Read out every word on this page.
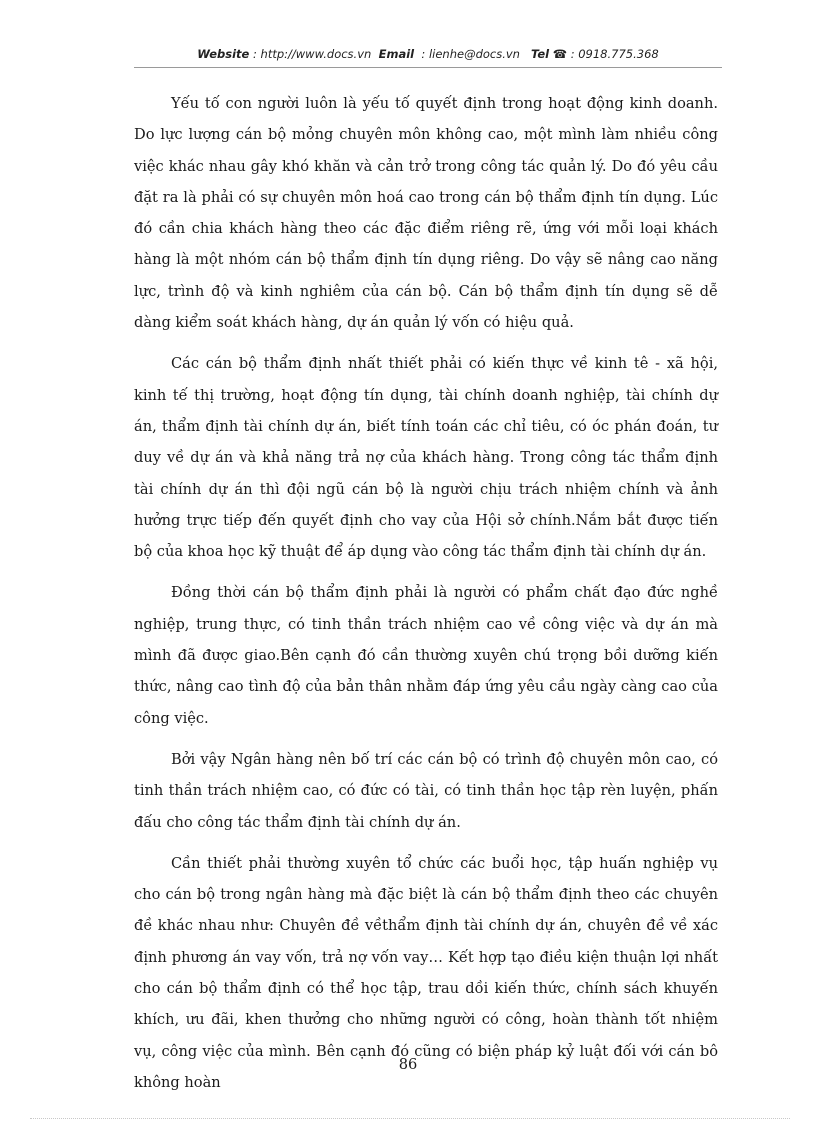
Website : http://www.docs.vn Email  : lienhe@docs.vn Tel ☎ : 0918.775.368

Yếu tố con người luôn là yếu tố quyết định trong hoạt động kinh doanh. Do lực lượng cán bộ mỏng chuyên môn không cao, một mình làm nhiều công việc khác nhau gây khó khăn và cản trở trong công tác quản lý. Do đó yêu cầu đặt ra là phải có sự chuyên môn hoá cao trong cán bộ thẩm định tín dụng. Lúc đó cần chia khách hàng theo các đặc điểm riêng rẽ, ứng với mỗi loại khách hàng là một nhóm cán bộ thẩm định tín dụng riêng. Do vậy sẽ nâng cao năng lực, trình độ và kinh nghiêm của cán bộ. Cán bộ thẩm định tín dụng sẽ dễ dàng kiểm soát khách hàng, dự án quản lý vốn có hiệu quả.

Các cán bộ thẩm định nhất thiết phải có kiến thực về kinh tê - xã hội, kinh tế thị trường, hoạt động tín dụng, tài chính doanh nghiệp, tài chính dự án, thẩm định tài chính dự án, biết tính toán các chỉ tiêu, có óc phán đoán, tư duy về dự án và khả năng trả nợ của khách hàng. Trong công tác thẩm định tài chính dự án thì đội ngũ cán bộ là người chịu trách nhiệm chính và ảnh hưởng trực tiếp đến quyết định cho vay của Hội sở chính.Nắm bắt được tiến bộ của khoa học kỹ thuật để áp dụng vào công tác thẩm định tài chính dự án.

Đồng thời cán bộ thẩm định phải là người có phẩm chất đạo đức nghề nghiệp, trung thực, có tinh thần trách nhiệm cao về công việc và dự án mà mình đã được giao.Bên cạnh đó cần thường xuyên chú trọng bồi dưỡng kiến thức, nâng cao tình độ của bản thân nhằm đáp ứng yêu cầu ngày càng cao của công việc.

Bởi vậy Ngân hàng nên bố trí các cán bộ có trình độ chuyên môn cao, có tinh thần trách nhiệm cao, có đức có tài, có tinh thần học tập rèn luyện, phấn đấu cho công tác thẩm định tài chính dự án.

Cần thiết phải thường xuyên tổ chức các buổi học, tập huấn nghiệp vụ cho cán bộ trong ngân hàng mà đặc biệt là cán bộ thẩm định theo các chuyên đề khác nhau như: Chuyên đề vềthẩm định tài chính dự án, chuyên đề về xác định phương án vay vốn, trả nợ vốn vay… Kết hợp tạo điều kiện thuận lợi nhất cho cán bộ thẩm định có thể học tập, trau dồi kiến thức, chính sách khuyến khích, ưu đãi, khen thưởng cho những người có công, hoàn thành tốt nhiệm vụ, công việc của mình. Bên cạnh đó cũng có biện pháp kỷ luật đối với cán bô không hoàn

86
